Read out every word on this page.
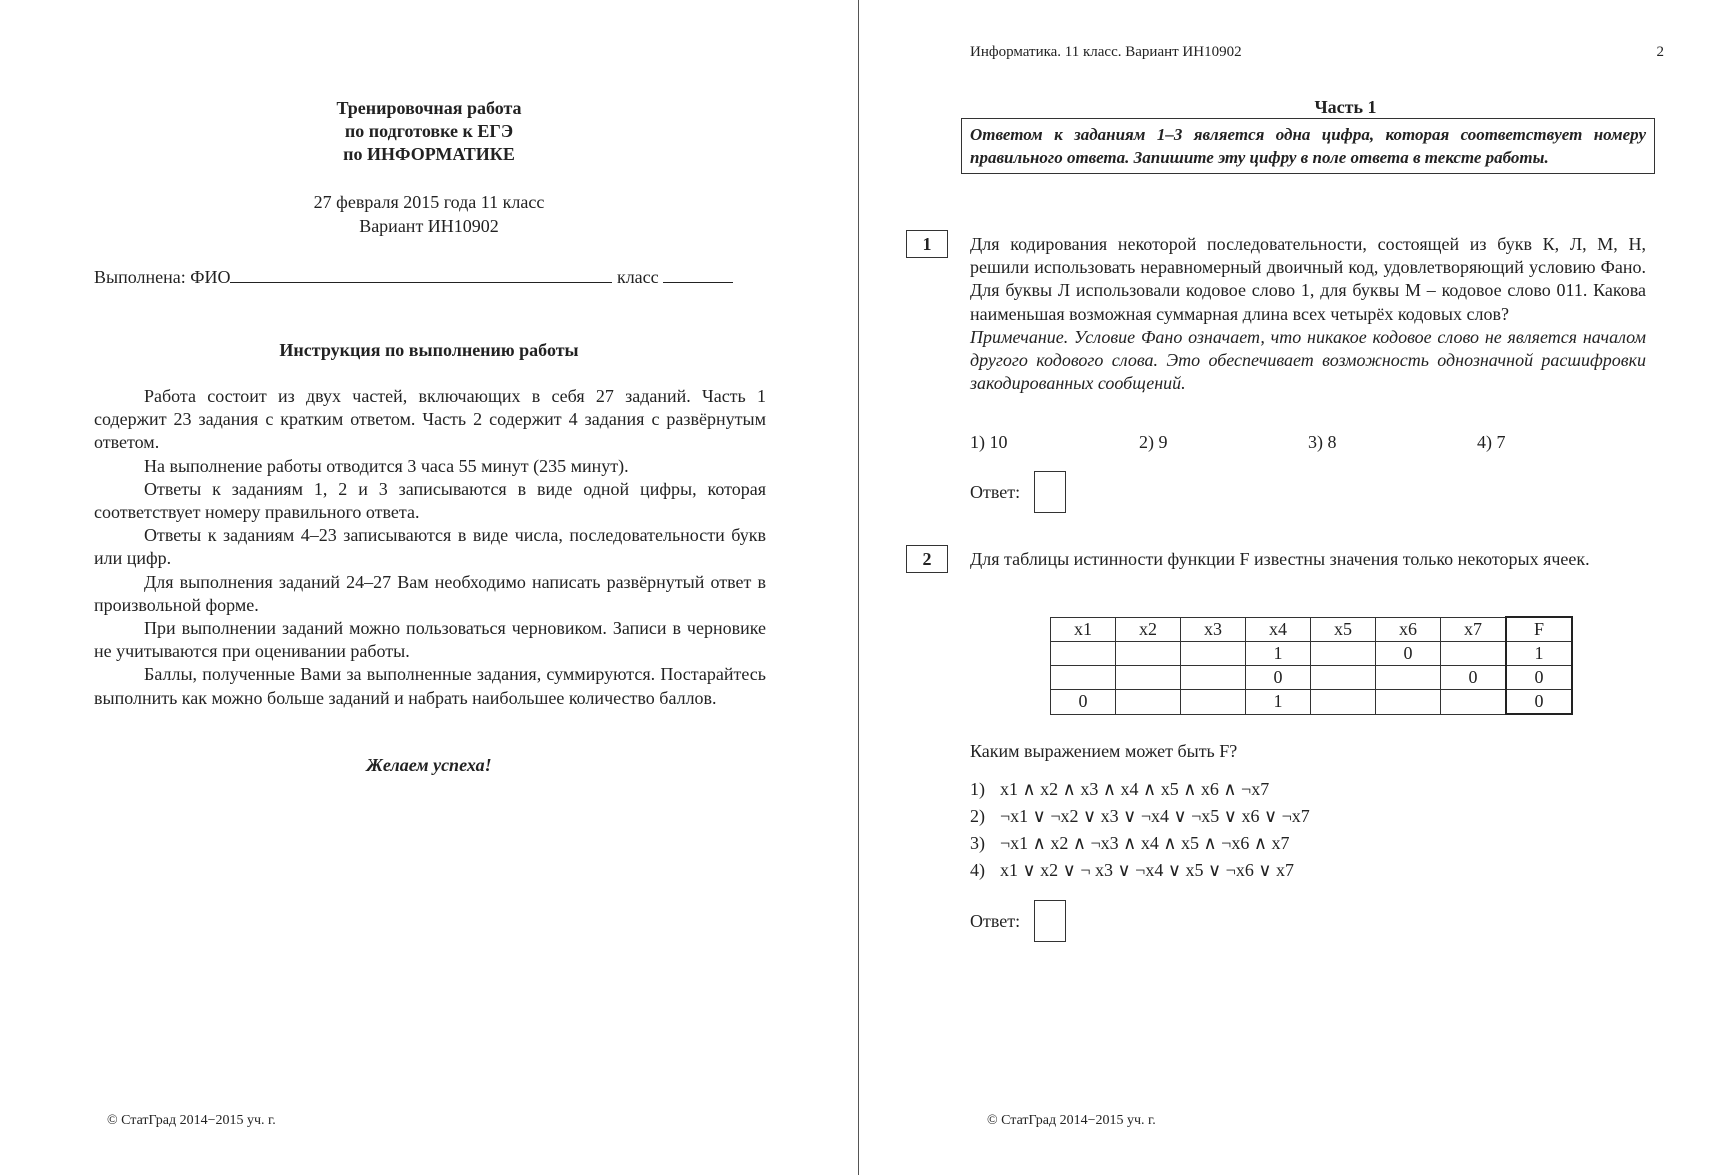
Тренировочная работа
по подготовке к ЕГЭ
по ИНФОРМАТИКЕ
27 февраля 2015 года 11 класс
Вариант ИН10902
Выполнена: ФИО	класс
Инструкция по выполнению работы

Работа состоит из двух частей, включающих в себя 27 заданий. Часть 1 содержит 23 задания с кратким ответом. Часть 2 содержит 4 задания с развёрнутым ответом.

На выполнение работы отводится 3 часа 55 минут (235 минут).

Ответы к заданиям 1, 2 и 3 записываются в виде одной цифры, которая соответствует номеру правильного ответа.

Ответы к заданиям 4–23 записываются в виде числа, последовательности букв или цифр.

Для выполнения заданий 24–27 Вам необходимо написать развёрнутый ответ в произвольной форме.

При выполнении заданий можно пользоваться черновиком. Записи в черновике не учитываются при оценивании работы.

Баллы, полученные Вами за выполненные задания, суммируются. Постарайтесь выполнить как можно больше заданий и набрать наибольшее количество баллов.

Желаем успеха!
© СтатГрад 2014−2015 уч. г.
Информатика. 11 класс. Вариант ИН10902	2
Часть 1
Ответом к заданиям 1–3 является одна цифра, которая соответствует номеру правильного ответа. Запишите эту цифру в поле ответа в тексте работы.
1	Для кодирования некоторой последовательности, состоящей из букв К, Л, М, Н, решили использовать неравномерный двоичный код, удовлетворяющий условию Фано. Для буквы Л использовали кодовое слово 1, для буквы М – кодовое слово 011. Какова наименьшая возможная суммарная длина всех четырёх кодовых слов?

Примечание. Условие Фано означает, что никакое кодовое слово не является началом другого кодового слова. Это обеспечивает возможность однозначной расшифровки закодированных сообщений.

1) 10	2) 9	3) 8	4) 7
Ответ:
2	Для таблицы истинности функции F известны значения только некоторых ячеек.
x1	x2	x3	x4	x5	x6	x7	F
			1		0		1
			0			0	0
0			1				0
Каким выражением может быть F?
1) x1 ∧ x2 ∧ x3 ∧ x4 ∧ x5 ∧ x6 ∧ ¬x7
2) ¬x1 ∨ ¬x2 ∨ x3 ∨ ¬x4 ∨ ¬x5 ∨ x6 ∨ ¬x7
3) ¬x1 ∧ x2 ∧ ¬x3 ∧ x4 ∧ x5 ∧ ¬x6 ∧ x7
4) x1 ∨ x2 ∨ ¬ x3 ∨ ¬x4 ∨ x5 ∨ ¬x6 ∨ x7
Ответ:
© СтатГрад 2014−2015 уч. г.
